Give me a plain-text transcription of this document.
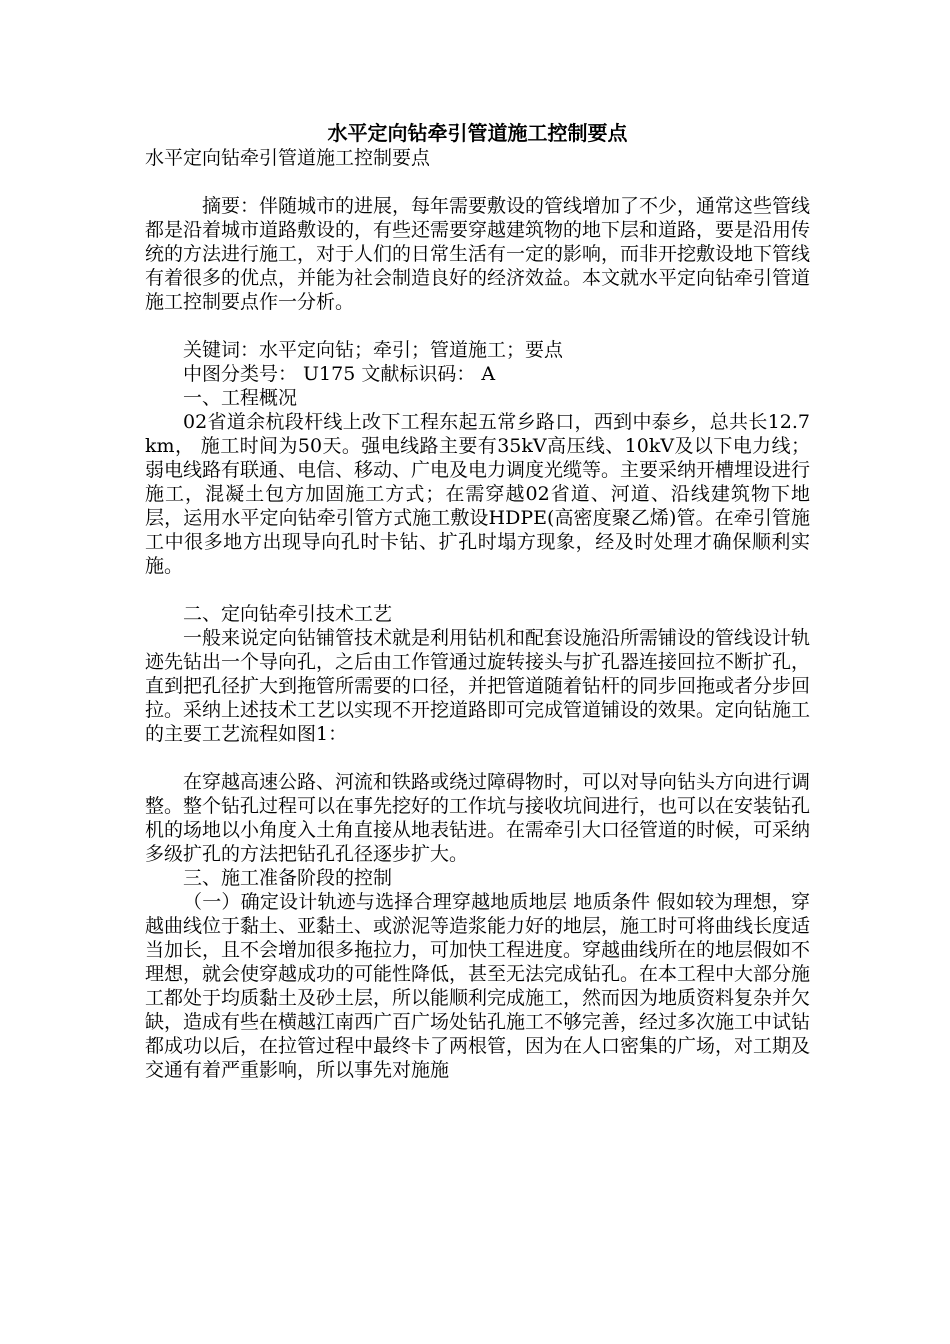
水平定向钻牵引管道施工控制要点

水平定向钻牵引管道施工控制要点

摘要：伴随城市的进展，每年需要敷设的管线增加了不少，通常这些管线都是沿着城市道路敷设的，有些还需要穿越建筑物的地下层和道路，要是沿用传统的方法进行施工，对于人们的日常生活有一定的影响，而非开挖敷设地下管线有着很多的优点，并能为社会制造良好的经济效益。本文就水平定向钻牵引管道施工控制要点作一分析。

关键词：水平定向钻；牵引；管道施工；要点

中图分类号： U175 文献标识码： A

一、工程概况

02省道余杭段杆线上改下工程东起五常乡路口，西到中泰乡，总共长12.7 km， 施工时间为50天。强电线路主要有35kV高压线、10kV及以下电力线；弱电线路有联通、电信、移动、广电及电力调度光缆等。主要采纳开槽埋设进行施工，混凝土包方加固施工方式；在需穿越02省道、河道、沿线建筑物下地层，运用水平定向钻牵引管方式施工敷设HDPE(高密度聚乙烯)管。在牵引管施工中很多地方出现导向孔时卡钻、扩孔时塌方现象，经及时处理才确保顺利实施。

二、定向钻牵引技术工艺

一般来说定向钻铺管技术就是利用钻机和配套设施沿所需铺设的管线设计轨迹先钻出一个导向孔，之后由工作管通过旋转接头与扩孔器连接回拉不断扩孔，直到把孔径扩大到拖管所需要的口径，并把管道随着钻杆的同步回拖或者分步回拉。采纳上述技术工艺以实现不开挖道路即可完成管道铺设的效果。定向钻施工的主要工艺流程如图1：

在穿越高速公路、河流和铁路或绕过障碍物时，可以对导向钻头方向进行调整。整个钻孔过程可以在事先挖好的工作坑与接收坑间进行，也可以在安装钻孔机的场地以小角度入土角直接从地表钻进。在需牵引大口径管道的时候，可采纳多级扩孔的方法把钻孔孔径逐步扩大。

三、施工准备阶段的控制

（一）确定设计轨迹与选择合理穿越地质地层 地质条件 假如较为理想，穿越曲线位于黏土、亚黏土、或淤泥等造浆能力好的地层，施工时可将曲线长度适当加长，且不会增加很多拖拉力，可加快工程进度。穿越曲线所在的地层假如不理想，就会使穿越成功的可能性降低，甚至无法完成钻孔。在本工程中大部分施工都处于均质黏土及砂土层，所以能顺利完成施工，然而因为地质资料复杂并欠缺，造成有些在横越江南西广百广场处钻孔施工不够完善，经过多次施工中试钻都成功以后，在拉管过程中最终卡了两根管，因为在人口密集的广场，对工期及交通有着严重影响，所以事先对施施
